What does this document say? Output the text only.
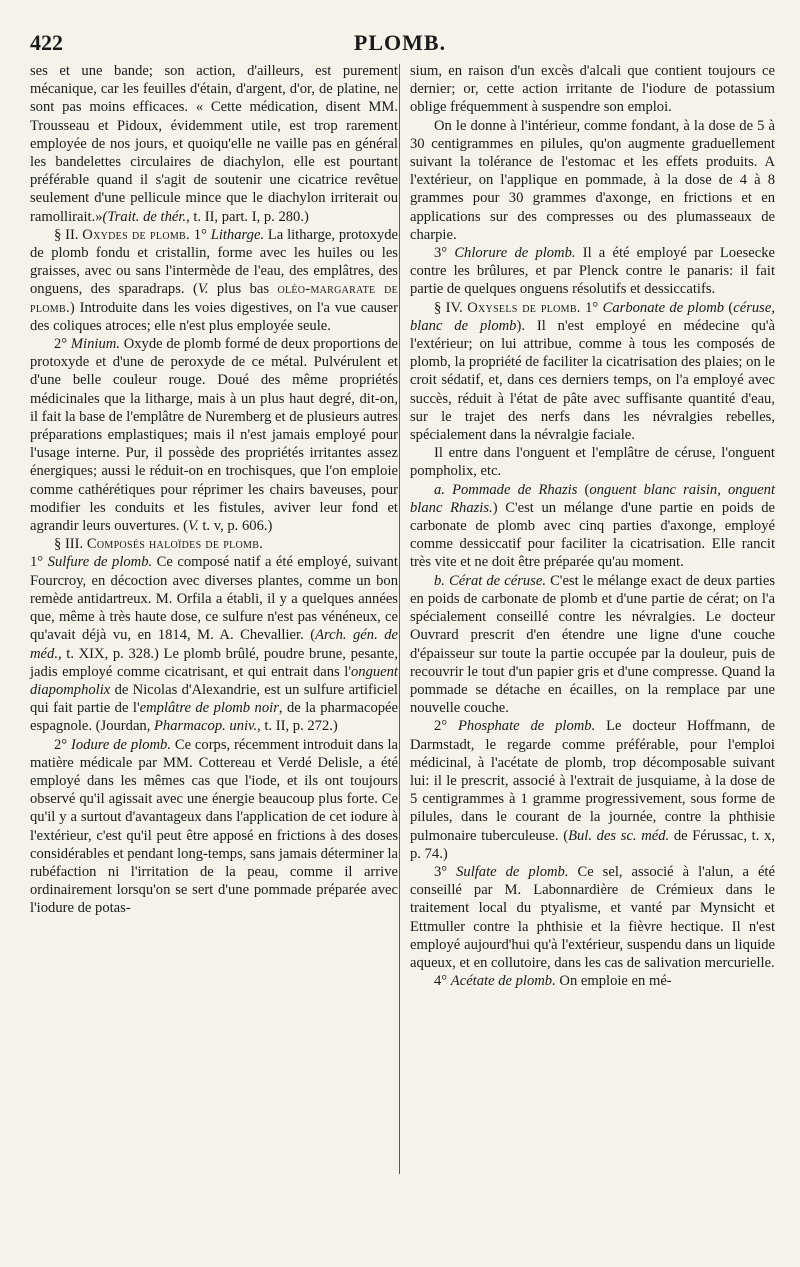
422	PLOMB.

ses et une bande; son action, d'ailleurs, est purement mécanique, car les feuilles d'étain, d'argent, d'or, de platine, ne sont pas moins efficaces. « Cette médication, disent MM. Trousseau et Pidoux, évidemment utile, est trop rarement employée de nos jours, et quoiqu'elle ne vaille pas en général les bandelettes circulaires de diachylon, elle est pourtant préférable quand il s'agit de soutenir une cicatrice revêtue seulement d'une pellicule mince que le diachylon irriterait ou ramollirait.»(Trait. de thér., t. II, part. I, p. 280.)

§ II. Oxydes de plomb. 1° Litharge. La litharge, protoxyde de plomb fondu et cristallin, forme avec les huiles ou les graisses, avec ou sans l'intermède de l'eau, des emplâtres, des onguens, des sparadraps. (V. plus bas oléo-margarate de plomb.) Introduite dans les voies digestives, on l'a vue causer des coliques atroces; elle n'est plus employée seule.

2° Minium. Oxyde de plomb formé de deux proportions de protoxyde et d'une de peroxyde de ce métal. Pulvérulent et d'une belle couleur rouge. Doué des même propriétés médicinales que la litharge, mais à un plus haut degré, dit-on, il fait la base de l'emplâtre de Nuremberg et de plusieurs autres préparations emplastiques; mais il n'est jamais employé pour l'usage interne. Pur, il possède des propriétés irritantes assez énergiques; aussi le réduit-on en trochisques, que l'on emploie comme cathérétiques pour réprimer les chairs baveuses, pour modifier les conduits et les fistules, aviver leur fond et agrandir leurs ouvertures. (V. t. v, p. 606.)

§ III. Composés haloïdes de plomb.
1° Sulfure de plomb. Ce composé natif a été employé, suivant Fourcroy, en décoction avec diverses plantes, comme un bon remède antidartreux. M. Orfila a établi, il y a quelques années que, même à très haute dose, ce sulfure n'est pas vénéneux, ce qu'avait déjà vu, en 1814, M. A. Chevallier. (Arch. gén. de méd., t. XIX, p. 328.) Le plomb brûlé, poudre brune, pesante, jadis employé comme cicatrisant, et qui entrait dans l'onguent diapompholix de Nicolas d'Alexandrie, est un sulfure artificiel qui fait partie de l'emplâtre de plomb noir, de la pharmacopée espagnole. (Jourdan, Pharmacop. univ., t. II, p. 272.)

2° Iodure de plomb. Ce corps, récemment introduit dans la matière médicale par MM. Cottereau et Verdé Delisle, a été employé dans les mêmes cas que l'iode, et ils ont toujours observé qu'il agissait avec une énergie beaucoup plus forte. Ce qu'il y a surtout d'avantageux dans l'application de cet iodure à l'extérieur, c'est qu'il peut être apposé en frictions à des doses considérables et pendant long-temps, sans jamais déterminer la rubéfaction ni l'irritation de la peau, comme il arrive ordinairement lorsqu'on se sert d'une pommade préparée avec l'iodure de potas-

sium, en raison d'un excès d'alcali que contient toujours ce dernier; or, cette action irritante de l'iodure de potassium oblige fréquemment à suspendre son emploi.

On le donne à l'intérieur, comme fondant, à la dose de 5 à 30 centigrammes en pilules, qu'on augmente graduellement suivant la tolérance de l'estomac et les effets produits. A l'extérieur, on l'applique en pommade, à la dose de 4 à 8 grammes pour 30 grammes d'axonge, en frictions et en applications sur des compresses ou des plumasseaux de charpie.

3° Chlorure de plomb. Il a été employé par Loesecke contre les brûlures, et par Plenck contre le panaris: il fait partie de quelques onguens résolutifs et dessiccatifs.

§ IV. Oxysels de plomb. 1° Carbonate de plomb (céruse, blanc de plomb). Il n'est employé en médecine qu'à l'extérieur; on lui attribue, comme à tous les composés de plomb, la propriété de faciliter la cicatrisation des plaies; on le croit sédatif, et, dans ces derniers temps, on l'a employé avec succès, réduit à l'état de pâte avec suffisante quantité d'eau, sur le trajet des nerfs dans les névralgies rebelles, spécialement dans la névralgie faciale.

Il entre dans l'onguent et l'emplâtre de céruse, l'onguent pompholix, etc.

a. Pommade de Rhazis (onguent blanc raisin, onguent blanc Rhazis.) C'est un mélange d'une partie en poids de carbonate de plomb avec cinq parties d'axonge, employé comme dessiccatif pour faciliter la cicatrisation. Elle rancit très vite et ne doit être préparée qu'au moment.

b. Cérat de céruse. C'est le mélange exact de deux parties en poids de carbonate de plomb et d'une partie de cérat; on l'a spécialement conseillé contre les névralgies. Le docteur Ouvrard prescrit d'en étendre une ligne d'une couche d'épaisseur sur toute la partie occupée par la douleur, puis de recouvrir le tout d'un papier gris et d'une compresse. Quand la pommade se détache en écailles, on la remplace par une nouvelle couche.

2° Phosphate de plomb. Le docteur Hoffmann, de Darmstadt, le regarde comme préférable, pour l'emploi médicinal, à l'acétate de plomb, trop décomposable suivant lui: il le prescrit, associé à l'extrait de jusquiame, à la dose de 5 centigrammes à 1 gramme progressivement, sous forme de pilules, dans le courant de la journée, contre la phthisie pulmonaire tuberculeuse. (Bul. des sc. méd. de Férussac, t. x, p. 74.)

3° Sulfate de plomb. Ce sel, associé à l'alun, a été conseillé par M. Labonnardière de Crémieux dans le traitement local du ptyalisme, et vanté par Mynsicht et Ettmuller contre la phthisie et la fièvre hectique. Il n'est employé aujourd'hui qu'à l'extérieur, suspendu dans un liquide aqueux, et en collutoire, dans les cas de salivation mercurielle.

4° Acétate de plomb. On emploie en mé-
